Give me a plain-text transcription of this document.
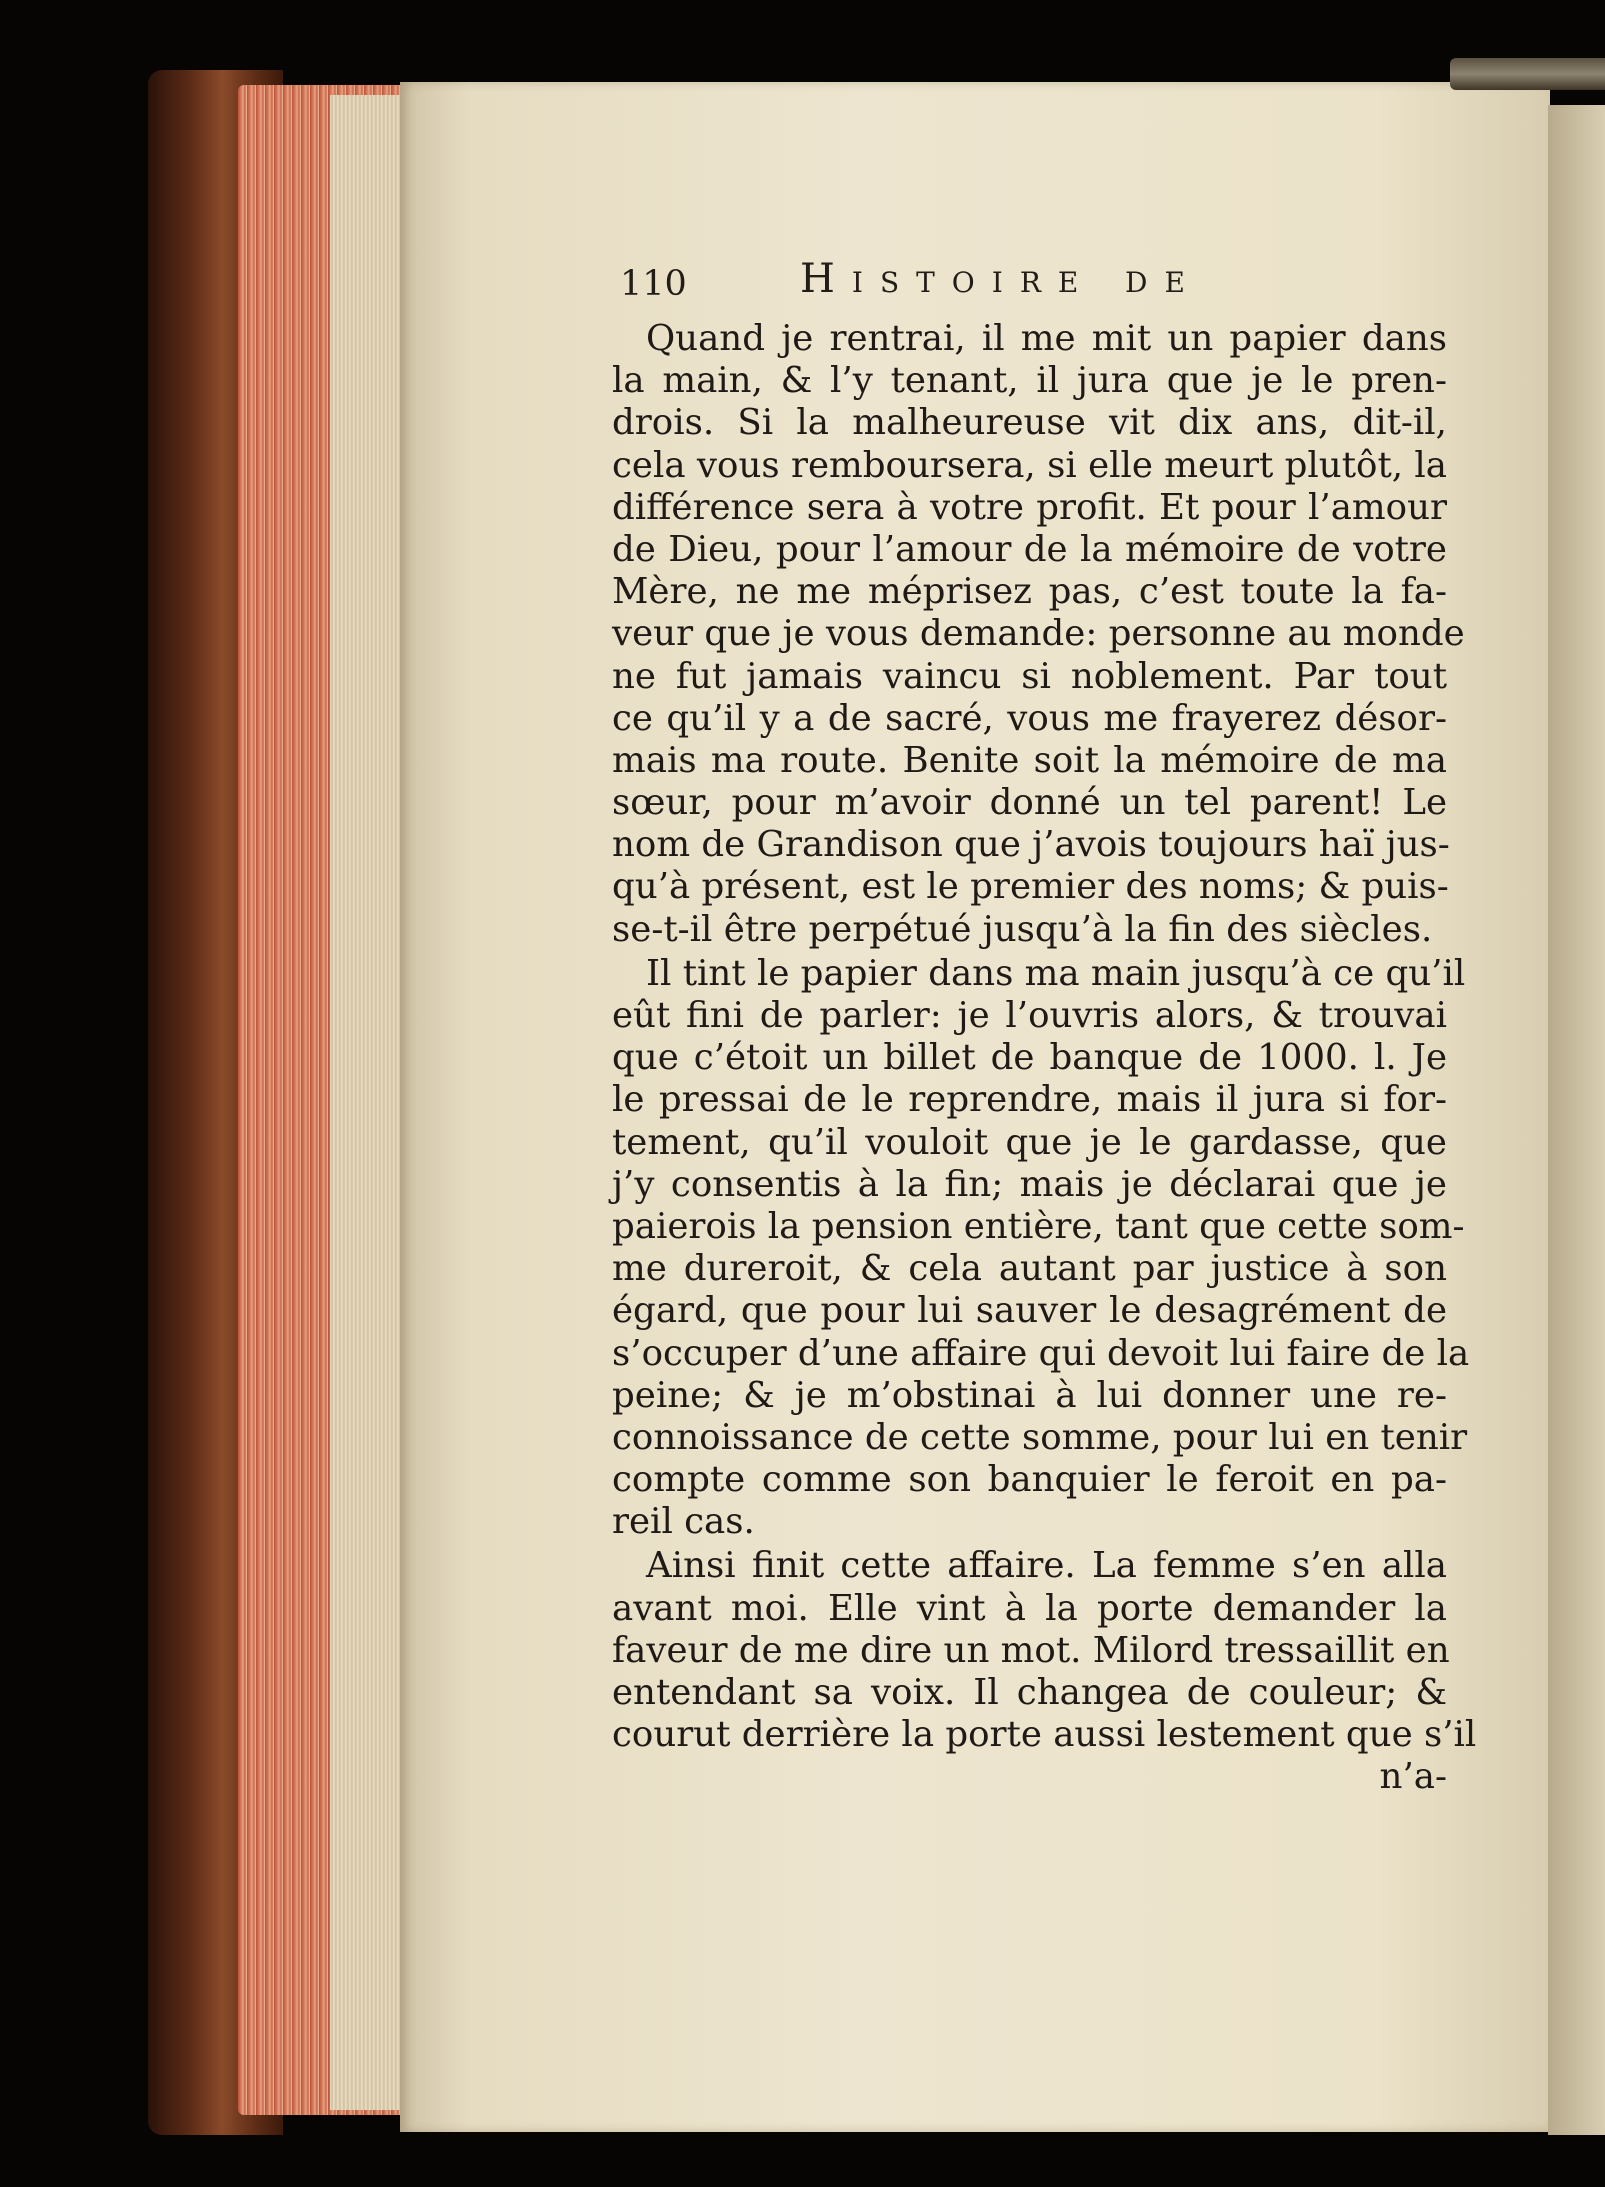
110	Histoire de
Quand je rentrai, il me mit un papier dans
la main, & l’y tenant, il jura que je le pren-
drois. Si la malheureuse vit dix ans, dit-il,
cela vous remboursera, si elle meurt plutôt, la
différence sera à votre profit. Et pour l’amour
de Dieu, pour l’amour de la mémoire de votre
Mère, ne me méprisez pas, c’est toute la fa-
veur que je vous demande: personne au monde
ne fut jamais vaincu si noblement. Par tout
ce qu’il y a de sacré, vous me frayerez désor-
mais ma route. Benite soit la mémoire de ma
sœur, pour m’avoir donné un tel parent! Le
nom de Grandison que j’avois toujours haï jus-
qu’à présent, est le premier des noms; & puis-
se-t-il être perpétué jusqu’à la fin des siècles.
Il tint le papier dans ma main jusqu’à ce qu’il
eût fini de parler: je l’ouvris alors, & trouvai
que c’étoit un billet de banque de 1000. l. Je
le pressai de le reprendre, mais il jura si for-
tement, qu’il vouloit que je le gardasse, que
j’y consentis à la fin; mais je déclarai que je
paierois la pension entière, tant que cette som-
me dureroit, & cela autant par justice à son
égard, que pour lui sauver le desagrément de
s’occuper d’une affaire qui devoit lui faire de la
peine; & je m’obstinai à lui donner une re-
connoissance de cette somme, pour lui en tenir
compte comme son banquier le feroit en pa-
reil cas.
Ainsi finit cette affaire. La femme s’en alla
avant moi. Elle vint à la porte demander la
faveur de me dire un mot. Milord tressaillit en
entendant sa voix. Il changea de couleur; &
courut derrière la porte aussi lestement que s’il
n’a-
